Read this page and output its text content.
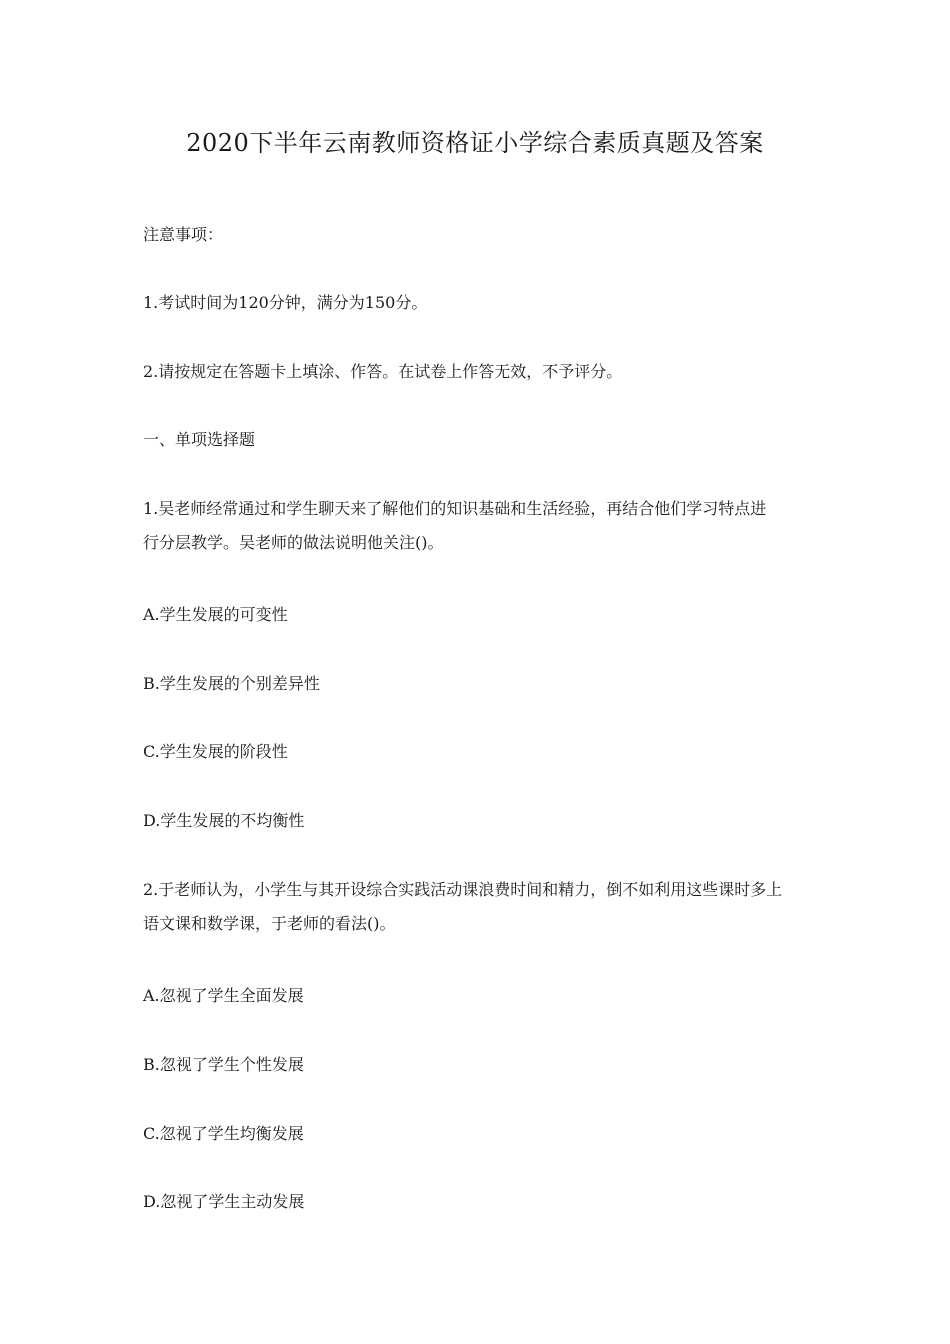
2020下半年云南教师资格证小学综合素质真题及答案
注意事项：
1.考试时间为120分钟，满分为150分。
2.请按规定在答题卡上填涂、作答。在试卷上作答无效，不予评分。
一、单项选择题
1.吴老师经常通过和学生聊天来了解他们的知识基础和生活经验，再结合他们学习特点进
行分层教学。吴老师的做法说明他关注()。
A.学生发展的可变性
B.学生发展的个别差异性
C.学生发展的阶段性
D.学生发展的不均衡性
2.于老师认为，小学生与其开设综合实践活动课浪费时间和精力，倒不如利用这些课时多上
语文课和数学课，于老师的看法()。
A.忽视了学生全面发展
B.忽视了学生个性发展
C.忽视了学生均衡发展
D.忽视了学生主动发展
